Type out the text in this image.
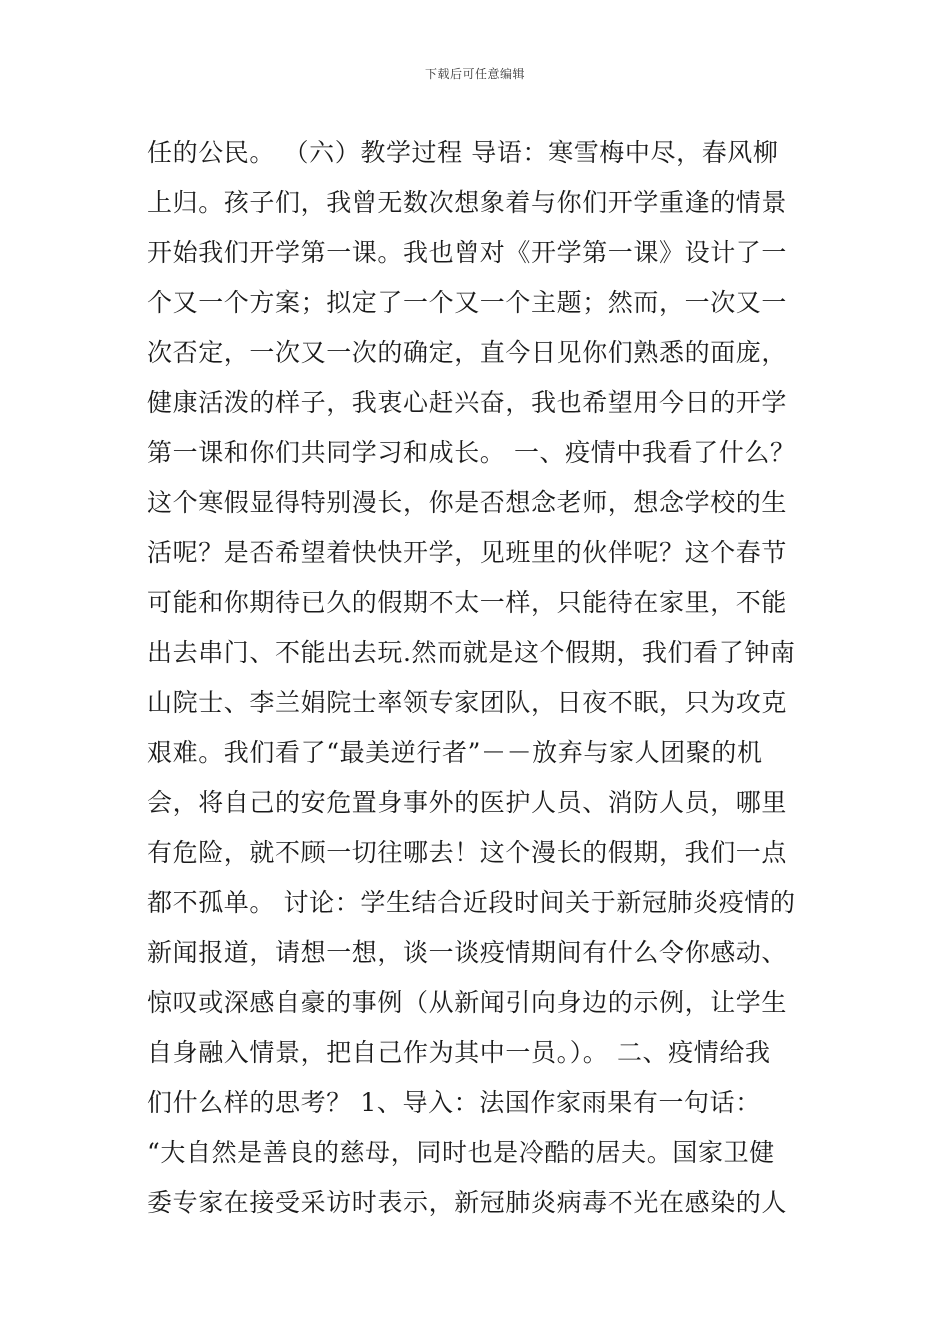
下载后可任意编辑
任的公民。 （六）教学过程 导语：寒雪梅中尽，春风柳
上归。孩子们，我曾无数次想象着与你们开学重逢的情景
开始我们开学第一课。我也曾对《开学第一课》设计了一
个又一个方案；拟定了一个又一个主题；然而，一次又一
次否定，一次又一次的确定，直今日见你们熟悉的面庞，
健康活泼的样子，我衷心赶兴奋，我也希望用今日的开学
第一课和你们共同学习和成长。 一、疫情中我看了什么？
这个寒假显得特别漫长，你是否想念老师，想念学校的生
活呢？是否希望着快快开学，见班里的伙伴呢？这个春节
可能和你期待已久的假期不太一样，只能待在家里，不能
出去串门、不能出去玩.然而就是这个假期，我们看了钟南
山院士、李兰娟院士率领专家团队，日夜不眠，只为攻克
艰难。我们看了“最美逆行者”－－放弃与家人团聚的机
会，将自己的安危置身事外的医护人员、消防人员，哪里
有危险，就不顾一切往哪去！这个漫长的假期，我们一点
都不孤单。 讨论：学生结合近段时间关于新冠肺炎疫情的
新闻报道，请想一想，谈一谈疫情期间有什么令你感动、
惊叹或深感自豪的事例（从新闻引向身边的示例，让学生
自身融入情景，把自己作为其中一员。）。 二、疫情给我
们什么样的思考？ 1、导入：法国作家雨果有一句话：
“大自然是善良的慈母，同时也是冷酷的居夫。国家卫健
委专家在接受采访时表示，新冠肺炎病毒不光在感染的人
